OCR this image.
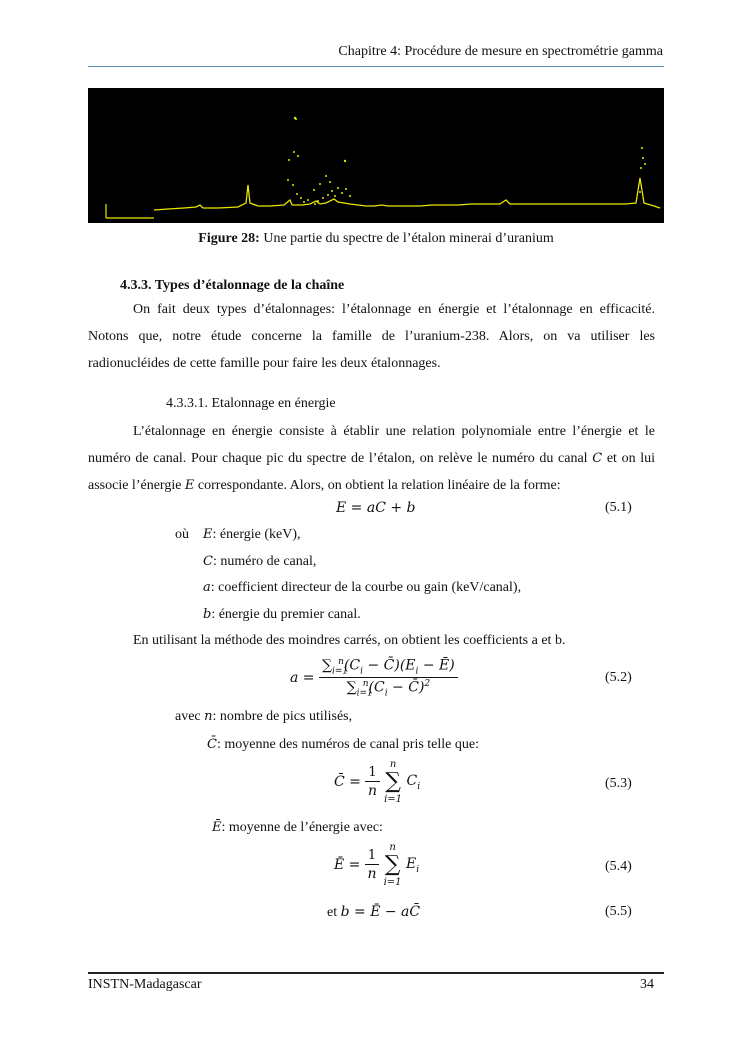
Chapitre 4: Procédure de mesure en spectrométrie gamma
Figure 28: Une partie du spectre de l’étalon minerai d’uranium
4.3.3. Types d’étalonnage de la chaîne
On fait deux types d’étalonnages: l’étalonnage en énergie et l’étalonnage en efficacité. Notons que, notre étude concerne la famille de l’uranium-238. Alors, on va utiliser les radionucléides de cette famille pour faire les deux étalonnages.
4.3.3.1. Etalonnage en énergie
L’étalonnage en énergie consiste à établir une relation polynomiale entre l’énergie et le numéro de canal. Pour chaque pic du spectre de l’étalon, on relève le numéro du canal C et on lui associe l’énergie E correspondante. Alors, on obtient la relation linéaire de la forme:
E = aC + b	(5.1)
où E: énergie (keV),
C: numéro de canal,
a: coefficient directeur de la courbe ou gain (keV/canal),
b: énergie du premier canal.
En utilisant la méthode des moindres carrés, on obtient les coefficients a et b.
$a = \frac{\sum_{i=1}^n(C_i - C̄)(E_i - Ē)}{\sum_{i=1}^n(C_i - C̄)^2}$	(5.2)
avec n: nombre de pics utilisés,
C̄: moyenne des numéros de canal pris telle que:
C̄ = $\frac{1}{n}$

n
∑
i=1
$C_i$	(5.3)
Ē: moyenne de l’énergie avec:
Ē = $\frac{1}{n}$

n
∑
i=1
$E_i$	(5.4)
et b = Ē − aC̄	(5.5)
INSTN-Madagascar	34
